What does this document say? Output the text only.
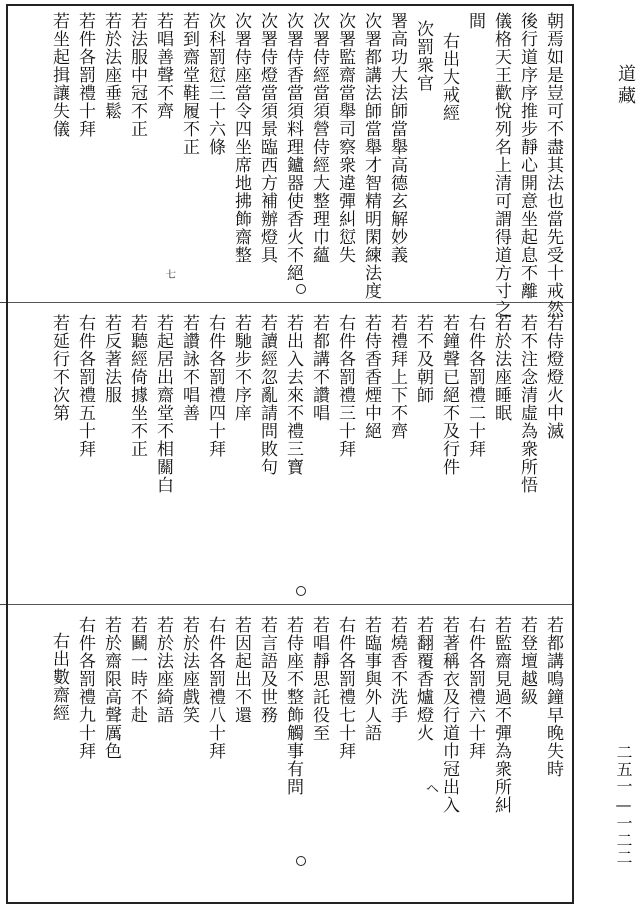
朝焉如是豈可不盡其法也當先受十戒然
後行道序序推步靜心開意坐起息不離
儀格天王歡悅列名上清可謂得道方寸之
間
右出大戒經
次罰衆官
署高功大法師當舉高德玄解妙義
次署都講法師當舉才智精明閑練法度
次署監齋當舉司察衆違彈糾愆失
次署侍經當須營侍經大整理巾蘊
次署侍香當須料理鑪器使香火不絕
次署侍燈當須景臨西方補辦燈具
次署侍座當令四坐席地拂飾齋整
次科罰愆三十六條
若到齋堂鞋履不正
若唱善聲不齊
若法服中冠不正
若於法座垂鬆
若件各罰禮十拜
若坐起揖讓失儀
若侍燈燈火中滅
若不注念清虛為衆所悟
若於法座睡眠
右件各罰禮二十拜
若鐘聲已絕不及行件
若不及朝師
若禮拜上下不齊
若侍香香煙中絕
右件各罰禮三十拜
若都講不讚唱
若出入去來不禮三寶
若讀經忽亂請問敗句
若馳步不序庠
右件各罰禮四十拜
若讚詠不唱善
若起居出齋堂不相關白
若聽經倚據坐不正
若反著法服
右件各罰禮五十拜
若延行不次第
若都講鳴鐘早晚失時
若登壇越級
若監齋見過不彈為衆所糾
右件各罰禮六十拜
若著稱衣及行道巾冠出入
若翻覆香爐燈火
若燒香不洗手
若臨事與外人語
右件各罰禮七十拜
若唱靜思託役至
若侍座不整飾觸事有問
若言語及世務
若因起出不還
右件各罰禮八十拜
若於法座戲笑
若於法座綺語
若鬬一時不赴
若於齋限高聲厲色
右件各罰禮九十拜
右出數齋經
道藏
二五一—一二二
ヘ
七
